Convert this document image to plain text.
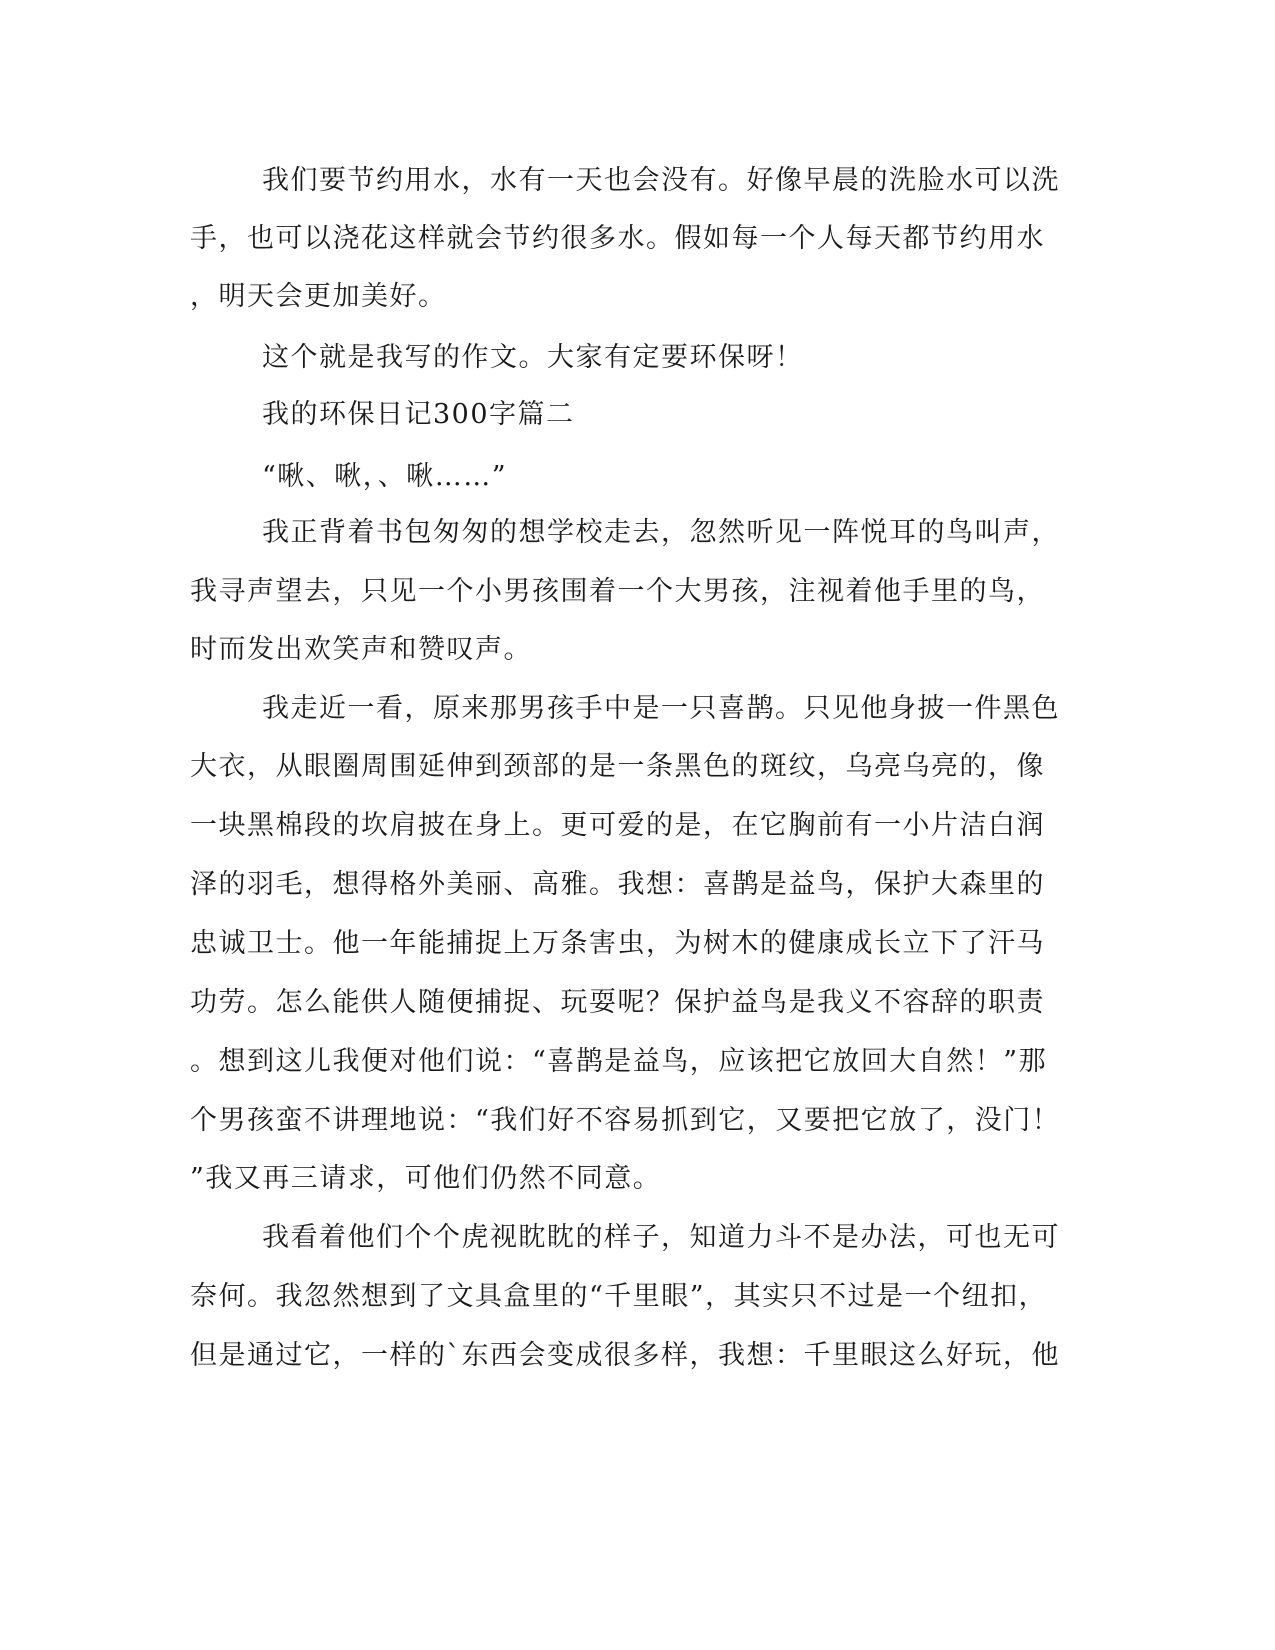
我们要节约用水，水有一天也会没有。好像早晨的洗脸水可以洗
手，也可以浇花这样就会节约很多水。假如每一个人每天都节约用水
，明天会更加美好。
这个就是我写的作文。大家有定要环保呀！
我的环保日记300字篇二
“啾、啾，、啾……”
我正背着书包匆匆的想学校走去，忽然听见一阵悦耳的鸟叫声，
我寻声望去，只见一个小男孩围着一个大男孩，注视着他手里的鸟，
时而发出欢笑声和赞叹声。
我走近一看，原来那男孩手中是一只喜鹊。只见他身披一件黑色
大衣，从眼圈周围延伸到颈部的是一条黑色的斑纹，乌亮乌亮的，像
一块黑棉段的坎肩披在身上。更可爱的是，在它胸前有一小片洁白润
泽的羽毛，想得格外美丽、高雅。我想：喜鹊是益鸟，保护大森里的
忠诚卫士。他一年能捕捉上万条害虫，为树木的健康成长立下了汗马
功劳。怎么能供人随便捕捉、玩耍呢？保护益鸟是我义不容辞的职责
。想到这儿我便对他们说：“喜鹊是益鸟，应该把它放回大自然！”那
个男孩蛮不讲理地说：“我们好不容易抓到它，又要把它放了，没门！
”我又再三请求，可他们仍然不同意。
我看着他们个个虎视眈眈的样子，知道力斗不是办法，可也无可
奈何。我忽然想到了文具盒里的“千里眼”，其实只不过是一个纽扣，
但是通过它，一样的`东西会变成很多样，我想：千里眼这么好玩，他
